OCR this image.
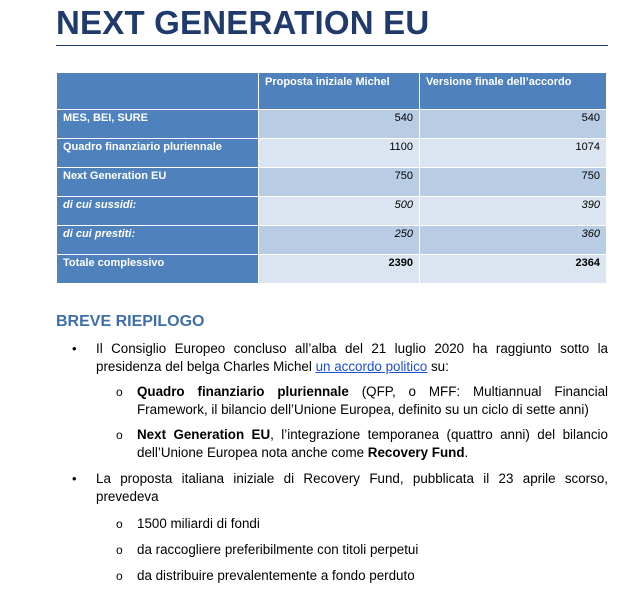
NEXT GENERATION EU
	Proposta iniziale Michel	Versione finale dell’accordo
MES, BEI, SURE	540	540
Quadro finanziario pluriennale	1100	1074
Next Generation EU	750	750
di cui sussidi:	500	390
di cui prestiti:	250	360
Totale complessivo	2390	2364
BREVE RIEPILOGO
• Il Consiglio Europeo concluso all’alba del 21 luglio 2020 ha raggiunto sotto la presidenza del belga Charles Michel un accordo politico su:
o Quadro finanziario pluriennale (QFP, o MFF: Multiannual Financial Framework, il bilancio dell’Unione Europea, definito su un ciclo di sette anni)
o Next Generation EU, l’integrazione temporanea (quattro anni) del bilancio dell’Unione Europea nota anche come Recovery Fund.
• La proposta italiana iniziale di Recovery Fund, pubblicata il 23 aprile scorso, prevedeva
o 1500 miliardi di fondi
o da raccogliere preferibilmente con titoli perpetui
o da distribuire prevalentemente a fondo perduto
